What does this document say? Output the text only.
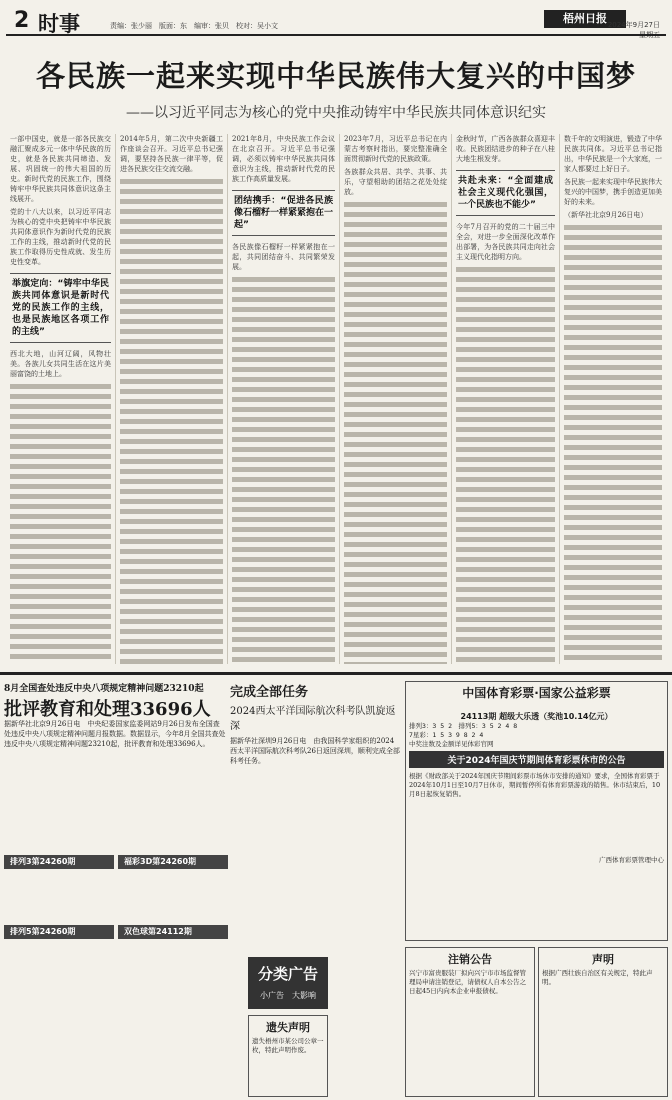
2 时事	责编：张少丽　版面：东　编审：张贝　校对：吴小文
梧州日报 2024年9月27日
星期五
各民族一起来实现中华民族伟大复兴的中国梦
——以习近平同志为核心的党中央推动铸牢中华民族共同体意识纪实

一部中国史，就是一部各民族交融汇聚成多元一体中华民族的历史，就是各民族共同缔造、发展、巩固统一的伟大祖国的历史。新时代党的民族工作，围绕铸牢中华民族共同体意识这条主线展开。

党的十八大以来，以习近平同志为核心的党中央把铸牢中华民族共同体意识作为新时代党的民族工作的主线，推动新时代党的民族工作取得历史性成就、发生历史性变革。

举旗定向：“铸牢中华民族共同体意识是新时代党的民族工作的主线，也是民族地区各项工作的主线”

西北大地，山河辽阔，风物壮美。各族儿女共同生活在这片美丽富饶的土地上。

2014年5月，第二次中央新疆工作座谈会召开。习近平总书记强调，要坚持各民族一律平等，促进各民族交往交流交融。

2021年8月，中央民族工作会议在北京召开。习近平总书记强调，必须以铸牢中华民族共同体意识为主线，推动新时代党的民族工作高质量发展。

团结携手：“促进各民族像石榴籽一样紧紧抱在一起”

各民族像石榴籽一样紧紧抱在一起，共同团结奋斗、共同繁荣发展。

2023年7月，习近平总书记在内蒙古考察时指出，要完整准确全面贯彻新时代党的民族政策。

各族群众共居、共学、共事、共乐，守望相助的团结之花处处绽放。

金秋时节，广西各族群众喜迎丰收。民族团结进步的种子在八桂大地生根发芽。

共赴未来：“全面建成社会主义现代化强国，一个民族也不能少”

今年7月召开的党的二十届三中全会，对进一步全面深化改革作出部署，为各民族共同走向社会主义现代化指明方向。

数千年的文明演进，锻造了中华民族共同体。习近平总书记指出，中华民族是一个大家庭，一家人都要过上好日子。

各民族一起来实现中华民族伟大复兴的中国梦，携手创造更加美好的未来。

（新华社北京9月26日电）

8月全国查处违反中央八项规定精神问题23210起
批评教育和处理33696人
据新华社北京9月26日电　中央纪委国家监委网站9月26日发布全国查处违反中央八项规定精神问题月报数据。数据显示，今年8月全国共查处违反中央八项规定精神问题23210起，批评教育和处理33696人。
完成全部任务
2024西太平洋国际航次科考队凯旋返深
据新华社深圳9月26日电　由我国科学家组织的2024西太平洋国际航次科考队26日返回深圳，顺利完成全部科考任务。
中国体育彩票·国家公益彩票
24113期 超级大乐透（奖池10.14亿元）
排列3：3 5 2　排列5：3 5 2 4 8
7星彩：1 5 3 9 8 2 4
中奖注数及金额详见体彩官网
关于2024年国庆节期间体育彩票休市的公告
根据《财政部关于2024年国庆节期间彩票市场休市安排的通知》要求，全国体育彩票于2024年10月1日至10月7日休市，期间暂停所有体育彩票游戏的销售。休市结束后，10月8日起恢复销售。
广西体育彩票管理中心
排列3第24260期
排列5第24260期
福彩3D第24260期
双色球第24112期
分类广告
小广告　大影响
遗失声明
遗失梧州市某公司公章一枚，特此声明作废。
注销公告
兴宁市富贵服装厂拟向兴宁市市场监督管理局申请注销登记，请债权人自本公告之日起45日内向本企业申报债权。
声明
根据广西壮族自治区有关规定，特此声明。
